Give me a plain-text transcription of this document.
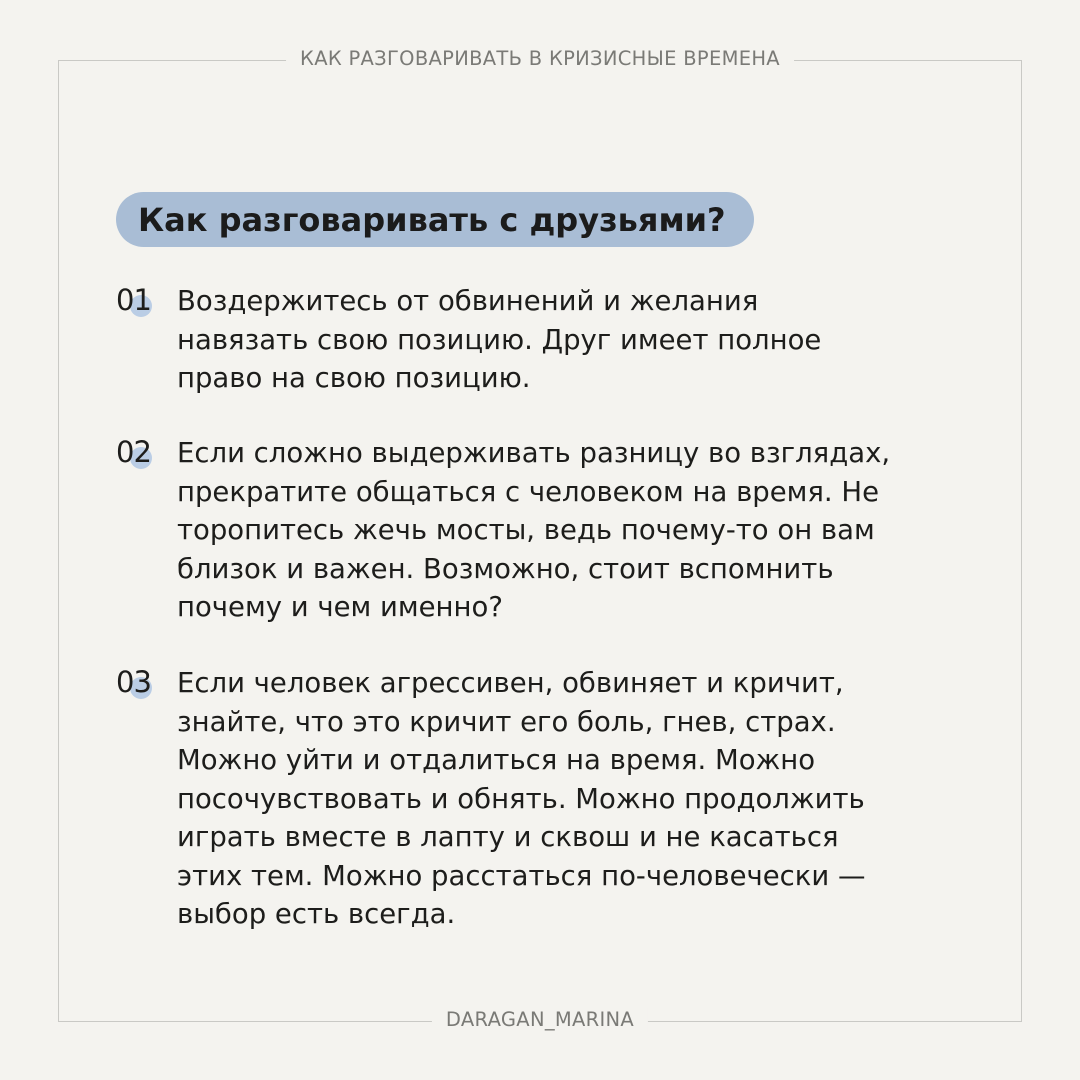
КАК РАЗГОВАРИВАТЬ В КРИЗИСНЫЕ ВРЕМЕНА
Как разговаривать с друзьями?
01 Воздержитесь от обвинений и желания
навязать свою позицию. Друг имеет полное
право на свою позицию.
02 Если сложно выдерживать разницу во взглядах,
прекратите общаться с человеком на время. Не
торопитесь жечь мосты, ведь почему-то он вам
близок и важен. Возможно, стоит вспомнить
почему и чем именно?
03 Если человек агрессивен, обвиняет и кричит,
знайте, что это кричит его боль, гнев, страх.
Можно уйти и отдалиться на время. Можно
посочувствовать и обнять. Можно продолжить
играть вместе в лапту и сквош и не касаться
этих тем. Можно расстаться по-человечески —
выбор есть всегда.
DARAGAN_MARINA
